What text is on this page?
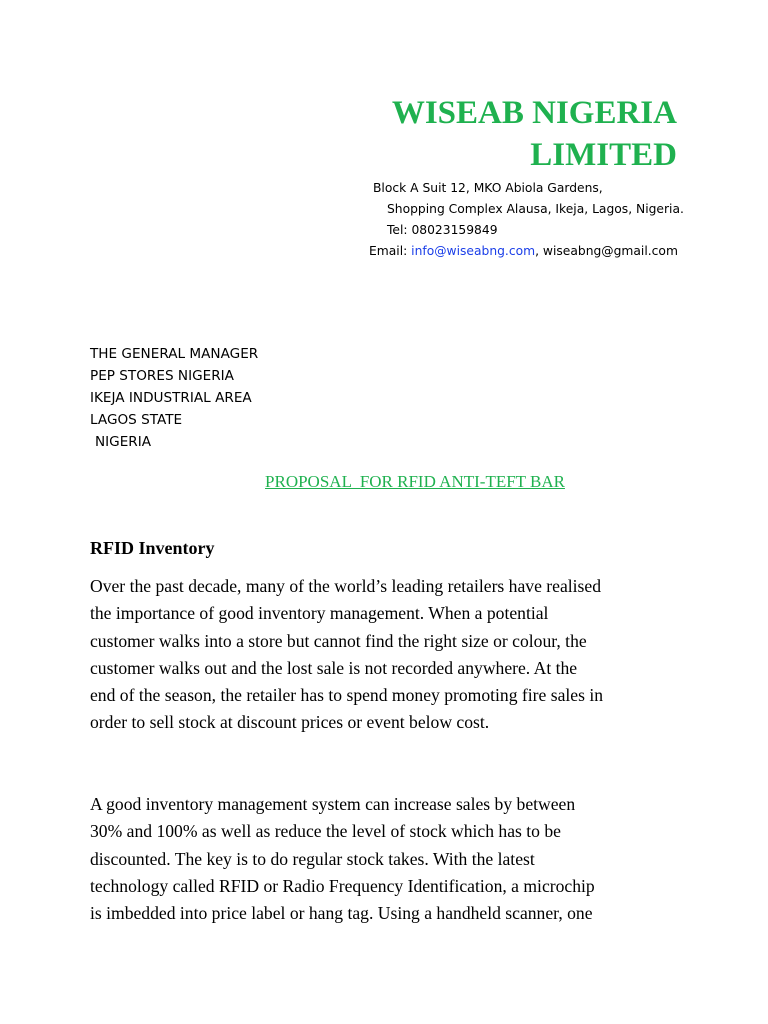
WISEAB NIGERIA
LIMITED
Block A Suit 12, MKO Abiola Gardens,
Shopping Complex Alausa, Ikeja, Lagos, Nigeria.
Tel: 08023159849
Email: info@wiseabng.com, wiseabng@gmail.com
THE GENERAL MANAGER
PEP STORES NIGERIA
IKEJA INDUSTRIAL AREA
LAGOS STATE
NIGERIA
PROPOSAL  FOR RFID ANTI-TEFT BAR
RFID Inventory

Over the past decade, many of the world’s leading retailers have realised
the importance of good inventory management. When a potential
customer walks into a store but cannot find the right size or colour, the
customer walks out and the lost sale is not recorded anywhere. At the
end of the season, the retailer has to spend money promoting fire sales in
order to sell stock at discount prices or event below cost.

A good inventory management system can increase sales by between
30% and 100% as well as reduce the level of stock which has to be
discounted. The key is to do regular stock takes. With the latest
technology called RFID or Radio Frequency Identification, a microchip
is imbedded into price label or hang tag. Using a handheld scanner, one
